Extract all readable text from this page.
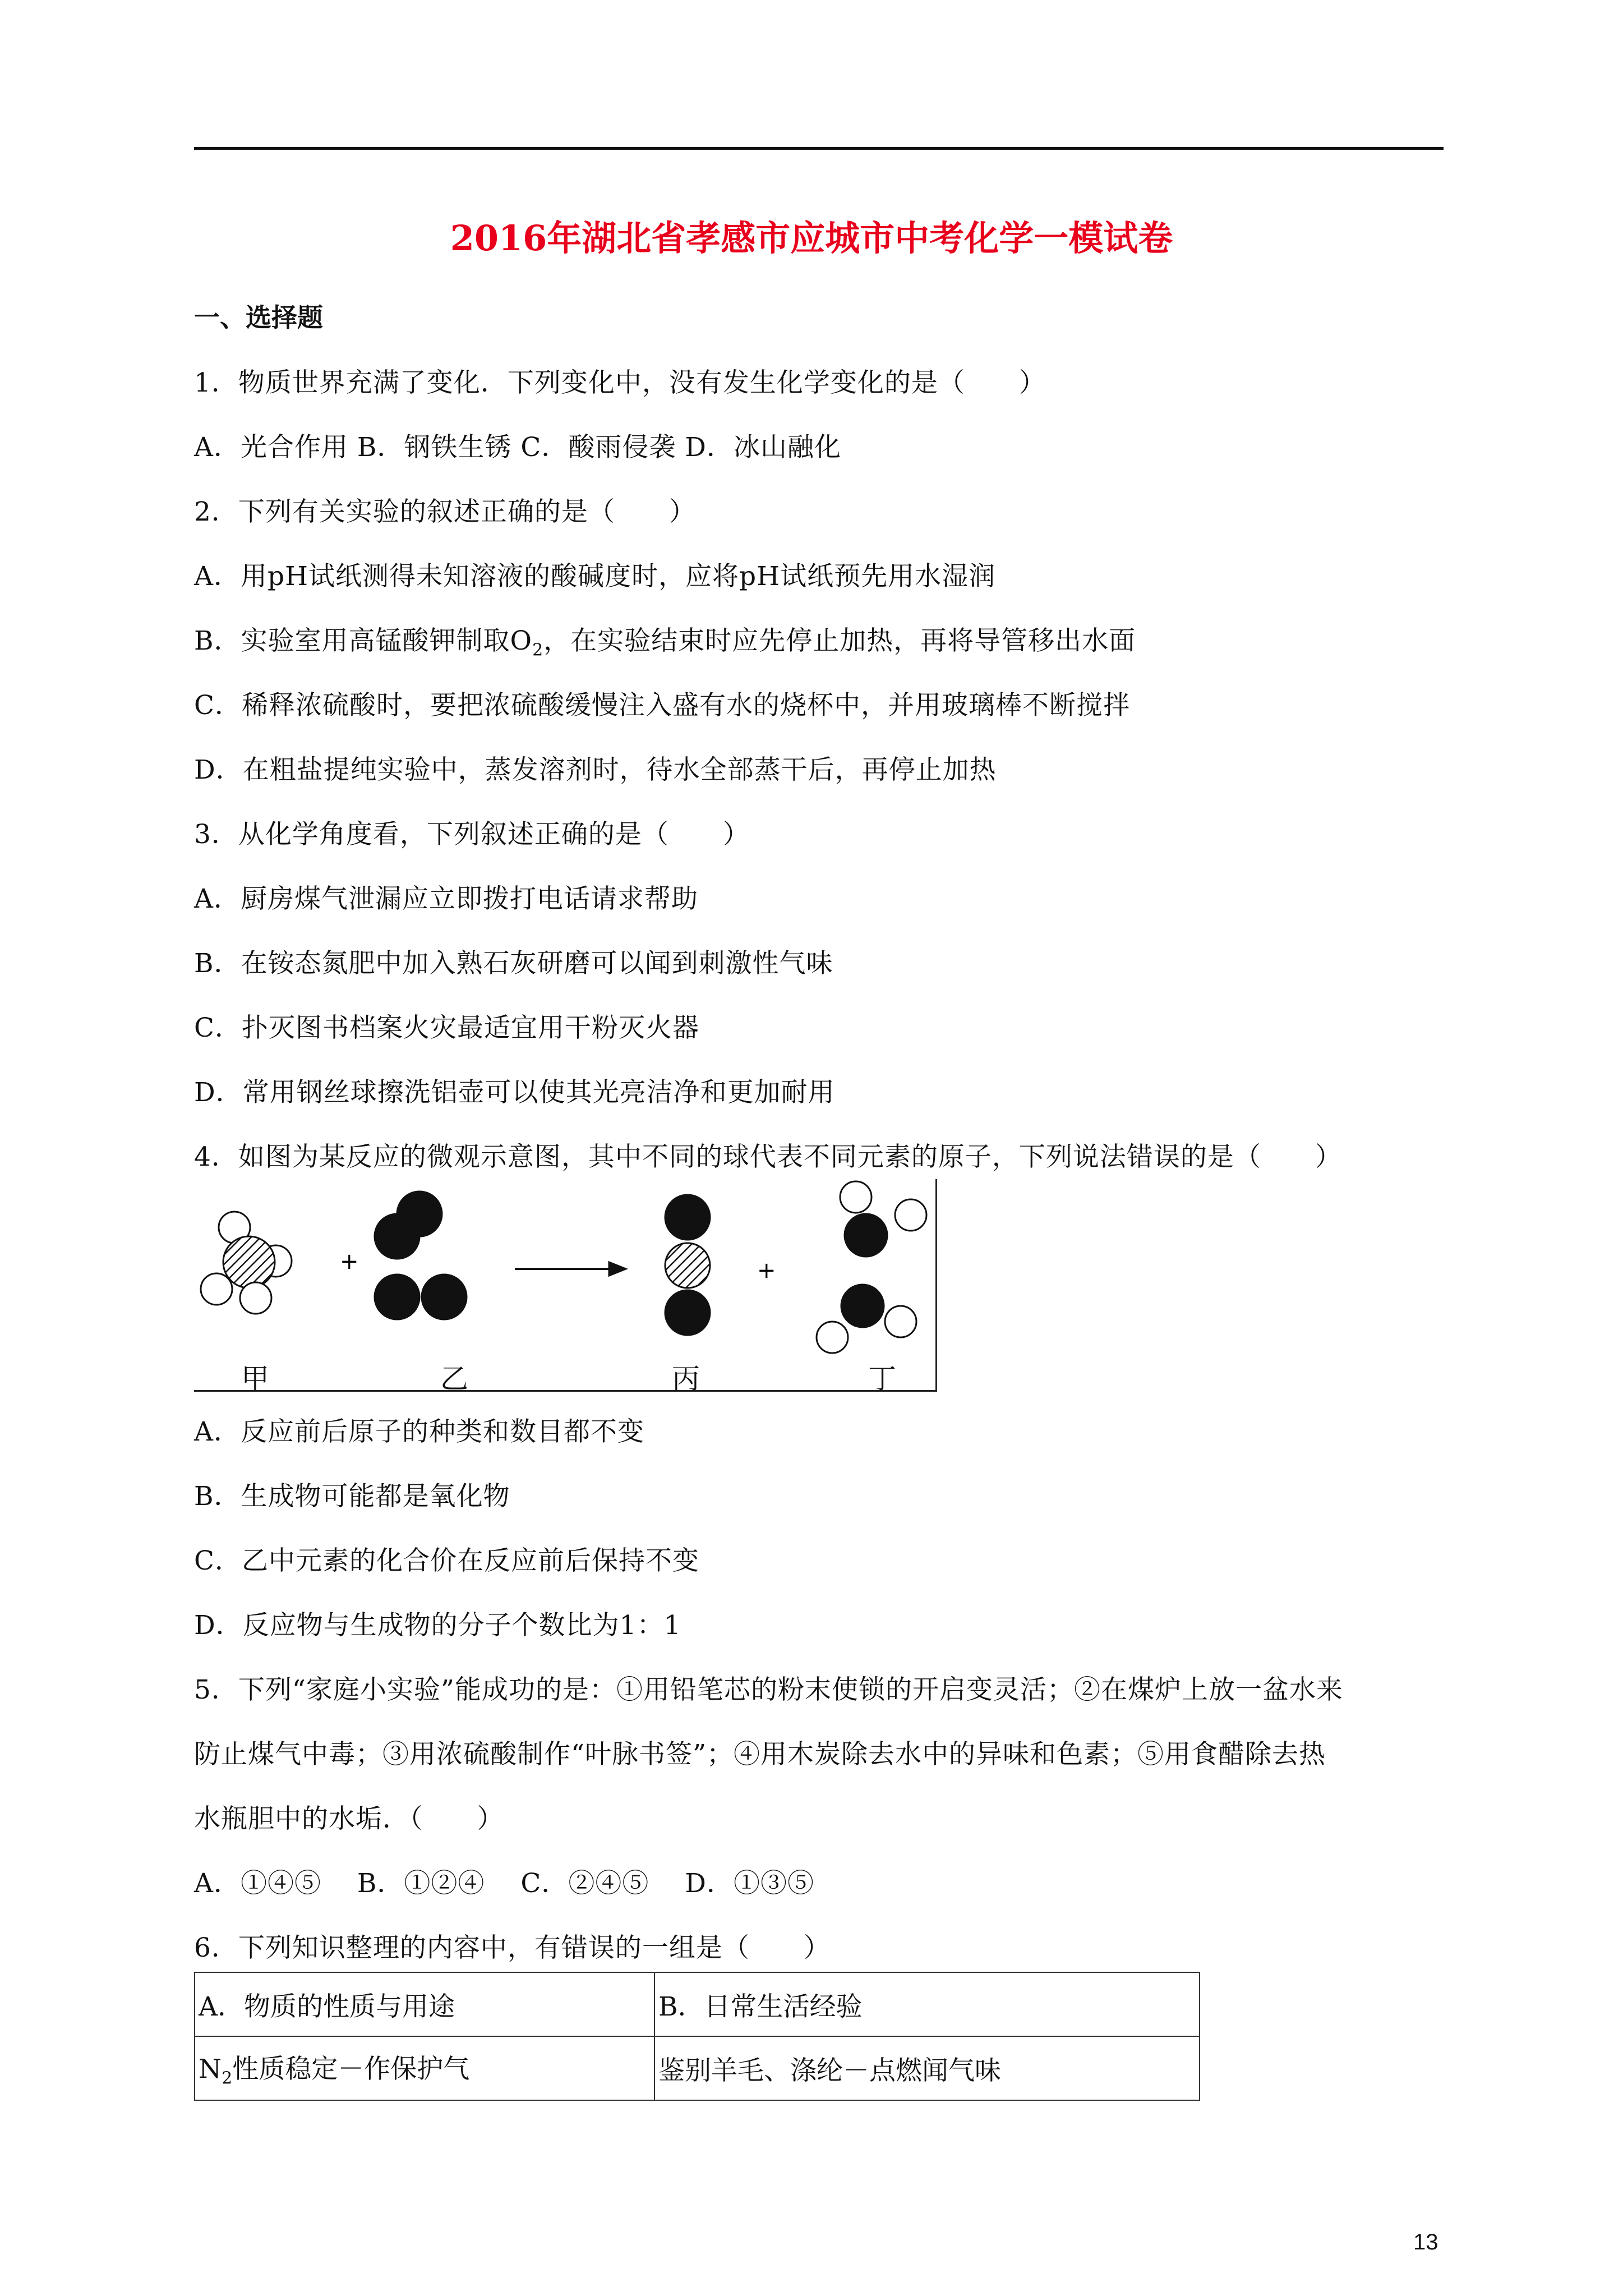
2016年湖北省孝感市应城市中考化学一模试卷
一、选择题
1．物质世界充满了变化．下列变化中，没有发生化学变化的是（　　）
A．光合作用 B．钢铁生锈 C．酸雨侵袭 D．冰山融化
2．下列有关实验的叙述正确的是（　　）
A．用pH试纸测得未知溶液的酸碱度时，应将pH试纸预先用水湿润
B．实验室用高锰酸钾制取$O_2$，在实验结束时应先停止加热，再将导管移出水面
C．稀释浓硫酸时，要把浓硫酸缓慢注入盛有水的烧杯中，并用玻璃棒不断搅拌
D．在粗盐提纯实验中，蒸发溶剂时，待水全部蒸干后，再停止加热
3．从化学角度看，下列叙述正确的是（　　）
A．厨房煤气泄漏应立即拨打电话请求帮助
B．在铵态氮肥中加入熟石灰研磨可以闻到刺激性气味
C．扑灭图书档案火灾最适宜用干粉灭火器
D．常用钢丝球擦洗铝壶可以使其光亮洁净和更加耐用
4．如图为某反应的微观示意图，其中不同的球代表不同元素的原子，下列说法错误的是（　　）
+	+
甲	乙	丙	丁
A．反应前后原子的种类和数目都不变
B．生成物可能都是氧化物
C．乙中元素的化合价在反应前后保持不变
D．反应物与生成物的分子个数比为1：1
5．下列“家庭小实验”能成功的是：①用铅笔芯的粉末使锁的开启变灵活；②在煤炉上放一盆水来
防止煤气中毒；③用浓硫酸制作“叶脉书签”；④用木炭除去水中的异味和色素；⑤用食醋除去热
水瓶胆中的水垢．（　　）
A．①④⑤　 B．①②④　 C．②④⑤　 D．①③⑤
6．下列知识整理的内容中，有错误的一组是（　　）
A．物质的性质与用途	B．日常生活经验
$N_2$性质稳定－作保护气	鉴别羊毛、涤纶－点燃闻气味
13
